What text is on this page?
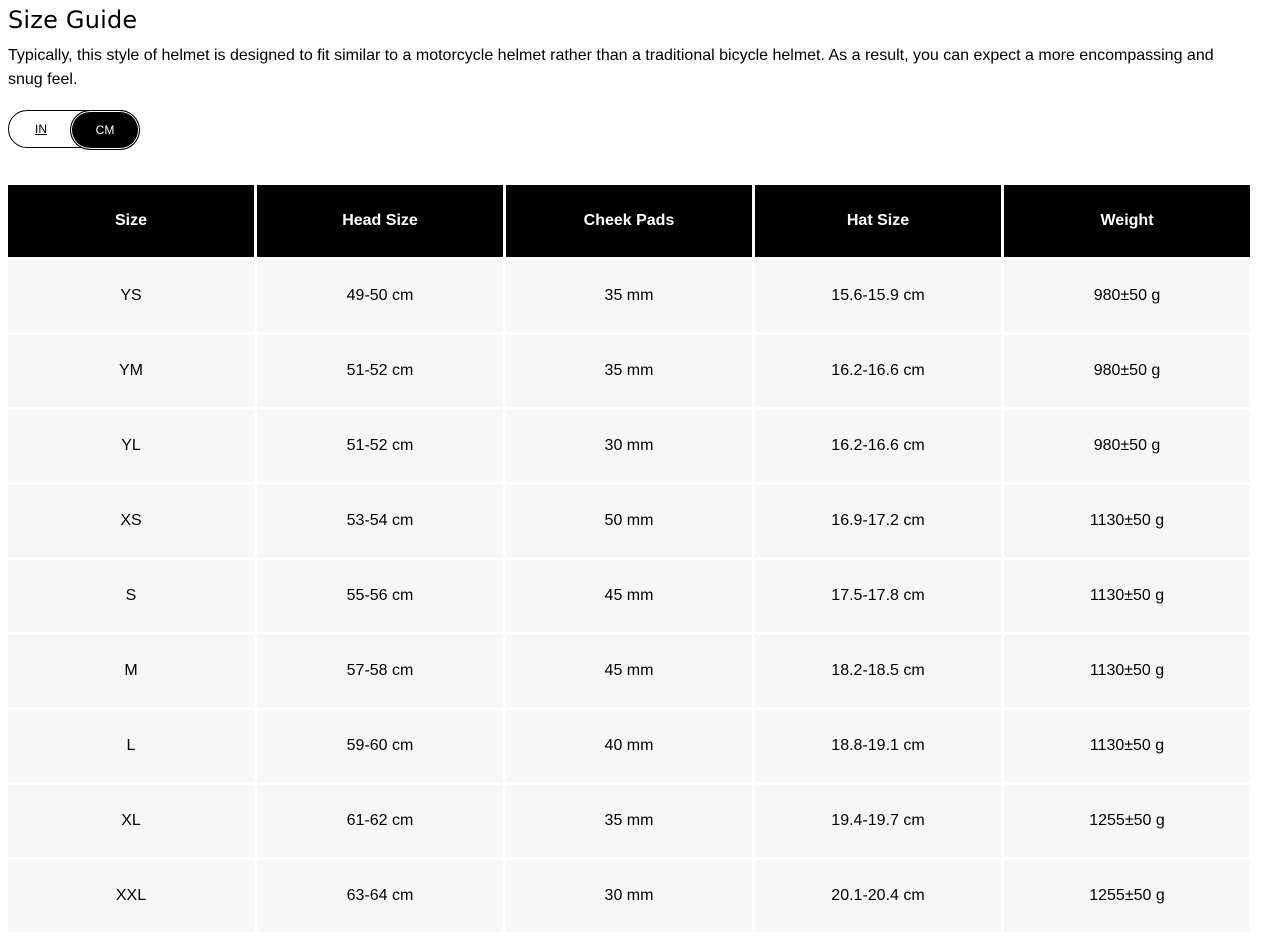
Size Guide

Typically, this style of helmet is designed to fit similar to a motorcycle helmet rather than a traditional bicycle helmet. As a result, you can expect a more encompassing and snug feel.

IN	CM
Size	Head Size	Cheek Pads	Hat Size	Weight
YS	49-50 cm	35 mm	15.6-15.9 cm	980±50 g
YM	51-52 cm	35 mm	16.2-16.6 cm	980±50 g
YL	51-52 cm	30 mm	16.2-16.6 cm	980±50 g
XS	53-54 cm	50 mm	16.9-17.2 cm	1130±50 g
S	55-56 cm	45 mm	17.5-17.8 cm	1130±50 g
M	57-58 cm	45 mm	18.2-18.5 cm	1130±50 g
L	59-60 cm	40 mm	18.8-19.1 cm	1130±50 g
XL	61-62 cm	35 mm	19.4-19.7 cm	1255±50 g
XXL	63-64 cm	30 mm	20.1-20.4 cm	1255±50 g
